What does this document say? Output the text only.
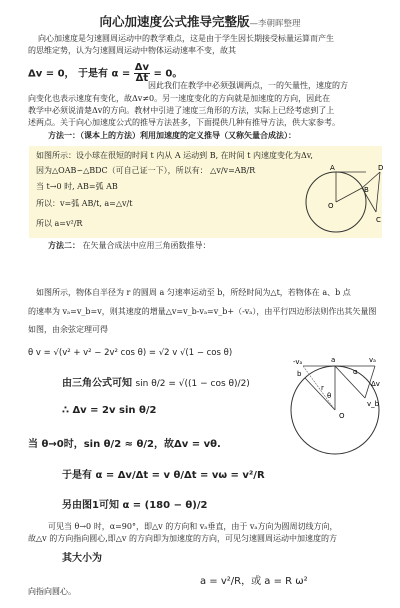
向心加速度公式推导完整版—李朝晖整理
向心加速度是匀速圆周运动中的教学难点，这是由于学生因长期接受标量运算而产生
的思维定势，认为匀速圆周运动中物体运动速率不变，故其
Δv = 0， 于是有 $\alpha = \frac{\Delta v}{\Delta t} = 0$。
因此我们在教学中必须强调两点，一的矢量性，速度的方
向变化也表示速度有变化，故Δv≠0。另一速度变化的方向就是加速度的方向，因此在
教学中必须说清楚Δv的方向。教材中引进了速度三角形的方法，实际上已经考虑到了上
述两点。关于向心加速度公式的推导方法甚多，下面提供几种有推导方法，供大家参考。
方法一：（课本上的方法）利用加速度的定义推导（又称矢量合成法）：
如图所示：设小球在很短的时间 t 内从 A 运动到 B, 在时间 t 内速度变化为Δv,
因为△OAB∽△BDC（可自己证一下），所以有： △v/v=AB/R
当 t→0 时, AB=弧 AB
所以：v=弧 AB/t, a=△v/t
所以 a=v²/R
O
A
B
C
D
方法二： 在矢量合成法中应用三角函数推导：
如图所示，物体自半径为 r 的圆周 a 匀速率运动至 b，所经时间为△t，若物体在 a、b 点
的速率为 vₐ=v_b=v，则其速度的增量△v=v_b-vₐ=v_b+（-vₐ），由平行四边形法则作出其矢量图
如图，由余弦定理可得
θ v = √(v² + v² − 2v² cos θ) = √2 v √(1 − cos θ)
由三角公式可知 sin θ/2 = √((1 − cos θ)/2)
∴ Δv = 2v sin θ/2
当 θ→0时，sin θ/2 ≈ θ/2，故Δv = vθ.
于是有 α = Δv/Δt = v θ/Δt = vω = v²/R
另由图1可知 α = (180 − θ)/2
O
a
b
vₐ
v_b
Δv
θ
α
r
-vₐ
可见当 θ→0 时，α=90°，即△v 的方向和 vₐ垂直，由于 vₐ方向为圆周切线方向，
故△v 的方向指向圆心,即△v 的方向即为加速度的方向，可见匀速圆周运动中加速度的方
其大小为
a = v²/R，或 a = R ω²
向指向圆心。
